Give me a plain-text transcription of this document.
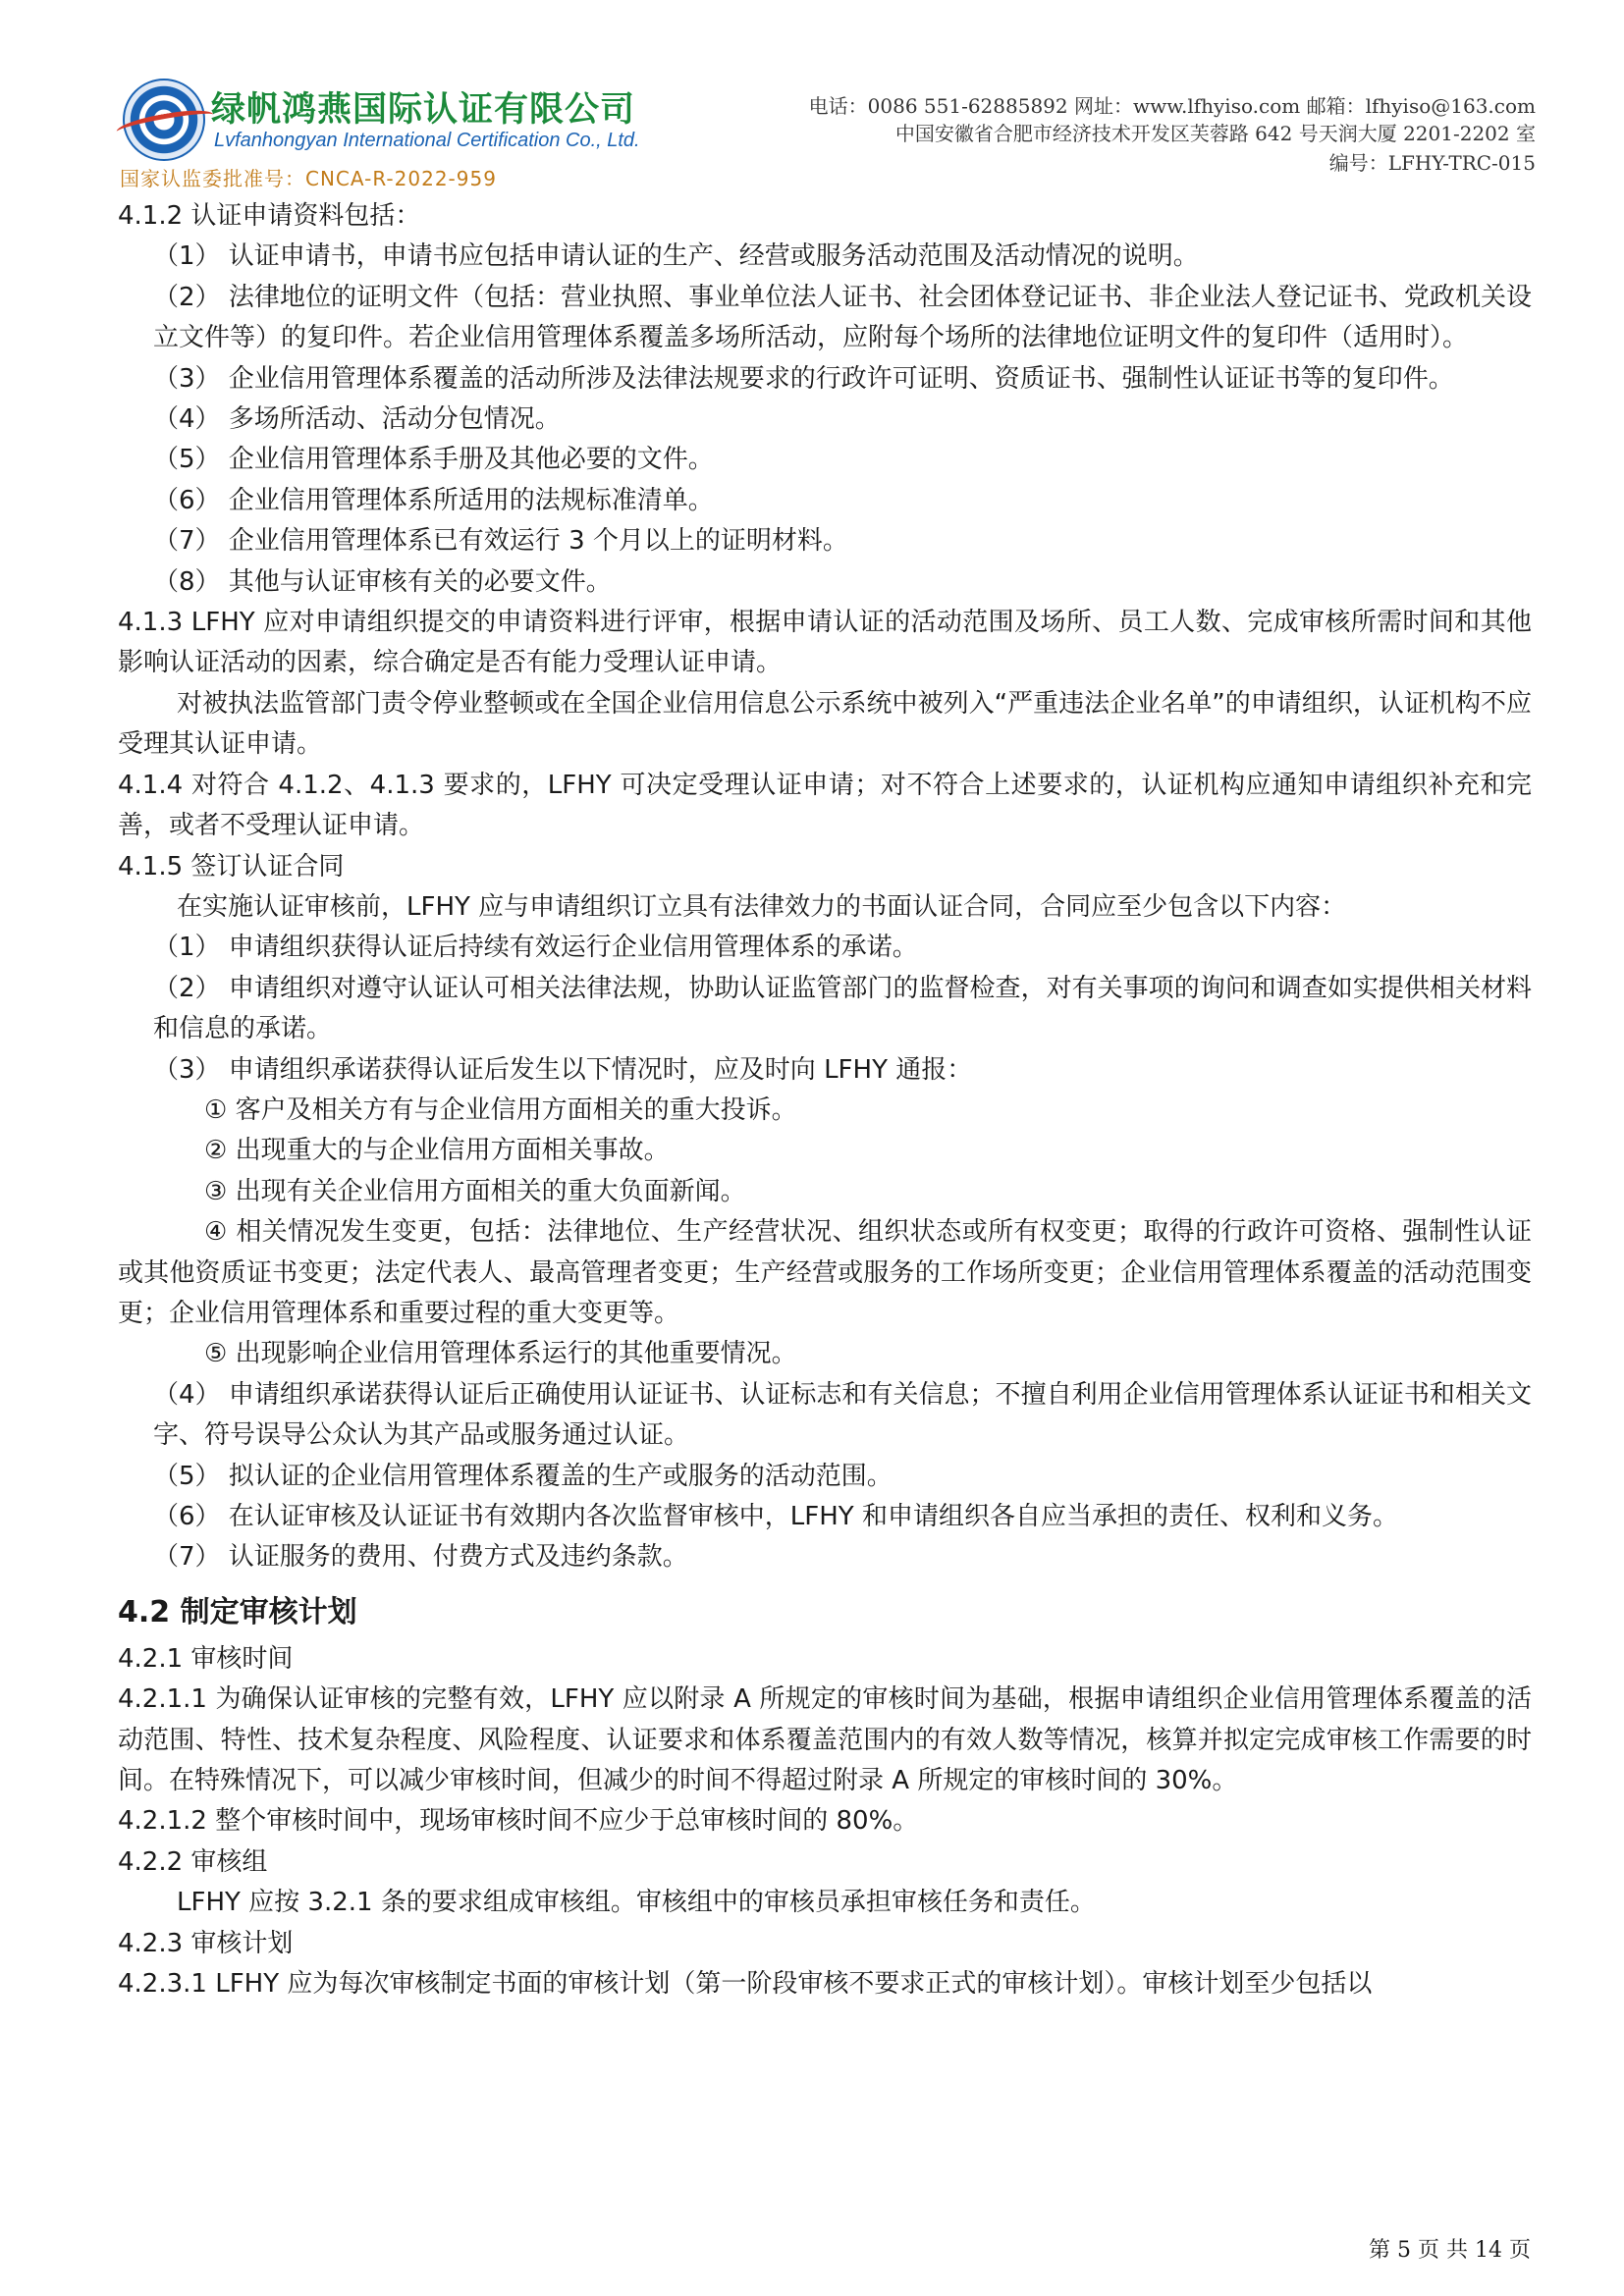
绿帆鸿燕国际认证有限公司
Lvfanhongyan International Certification Co., Ltd.
国家认监委批准号：CNCA-R-2022-959
电话：0086 551-62885892 网址：www.lfhyiso.com 邮箱：lfhyiso@163.com
中国安徽省合肥市经济技术开发区芙蓉路 642 号天润大厦 2201-2202 室
编号：LFHY-TRC-015

4.1.2 认证申请资料包括：

（1） 认证申请书，申请书应包括申请认证的生产、经营或服务活动范围及活动情况的说明。

（2） 法律地位的证明文件（包括：营业执照、事业单位法人证书、社会团体登记证书、非企业法人登记证书、党政机关设立文件等）的复印件。若企业信用管理体系覆盖多场所活动，应附每个场所的法律地位证明文件的复印件（适用时）。

（3） 企业信用管理体系覆盖的活动所涉及法律法规要求的行政许可证明、资质证书、强制性认证证书等的复印件。

（4） 多场所活动、活动分包情况。

（5） 企业信用管理体系手册及其他必要的文件。

（6） 企业信用管理体系所适用的法规标准清单。

（7） 企业信用管理体系已有效运行 3 个月以上的证明材料。

（8） 其他与认证审核有关的必要文件。

4.1.3 LFHY 应对申请组织提交的申请资料进行评审，根据申请认证的活动范围及场所、员工人数、完成审核所需时间和其他影响认证活动的因素，综合确定是否有能力受理认证申请。

对被执法监管部门责令停业整顿或在全国企业信用信息公示系统中被列入“严重违法企业名单”的申请组织，认证机构不应受理其认证申请。

4.1.4 对符合 4.1.2、4.1.3 要求的，LFHY 可决定受理认证申请；对不符合上述要求的，认证机构应通知申请组织补充和完善，或者不受理认证申请。

4.1.5 签订认证合同

在实施认证审核前，LFHY 应与申请组织订立具有法律效力的书面认证合同，合同应至少包含以下内容：

（1） 申请组织获得认证后持续有效运行企业信用管理体系的承诺。

（2） 申请组织对遵守认证认可相关法律法规，协助认证监管部门的监督检查，对有关事项的询问和调查如实提供相关材料和信息的承诺。

（3） 申请组织承诺获得认证后发生以下情况时，应及时向 LFHY 通报：

① 客户及相关方有与企业信用方面相关的重大投诉。

② 出现重大的与企业信用方面相关事故。

③ 出现有关企业信用方面相关的重大负面新闻。

④ 相关情况发生变更，包括：法律地位、生产经营状况、组织状态或所有权变更；取得的行政许可资格、强制性认证或其他资质证书变更；法定代表人、最高管理者变更；生产经营或服务的工作场所变更；企业信用管理体系覆盖的活动范围变更；企业信用管理体系和重要过程的重大变更等。

⑤ 出现影响企业信用管理体系运行的其他重要情况。

（4） 申请组织承诺获得认证后正确使用认证证书、认证标志和有关信息；不擅自利用企业信用管理体系认证证书和相关文字、符号误导公众认为其产品或服务通过认证。

（5） 拟认证的企业信用管理体系覆盖的生产或服务的活动范围。

（6） 在认证审核及认证证书有效期内各次监督审核中，LFHY 和申请组织各自应当承担的责任、权利和义务。

（7） 认证服务的费用、付费方式及违约条款。

4.2 制定审核计划

4.2.1 审核时间

4.2.1.1 为确保认证审核的完整有效，LFHY 应以附录 A 所规定的审核时间为基础，根据申请组织企业信用管理体系覆盖的活动范围、特性、技术复杂程度、风险程度、认证要求和体系覆盖范围内的有效人数等情况，核算并拟定完成审核工作需要的时间。在特殊情况下，可以减少审核时间，但减少的时间不得超过附录 A 所规定的审核时间的 30%。

4.2.1.2 整个审核时间中，现场审核时间不应少于总审核时间的 80%。

4.2.2 审核组

LFHY 应按 3.2.1 条的要求组成审核组。审核组中的审核员承担审核任务和责任。

4.2.3 审核计划

4.2.3.1 LFHY 应为每次审核制定书面的审核计划（第一阶段审核不要求正式的审核计划）。审核计划至少包括以

第 5 页 共 14 页
